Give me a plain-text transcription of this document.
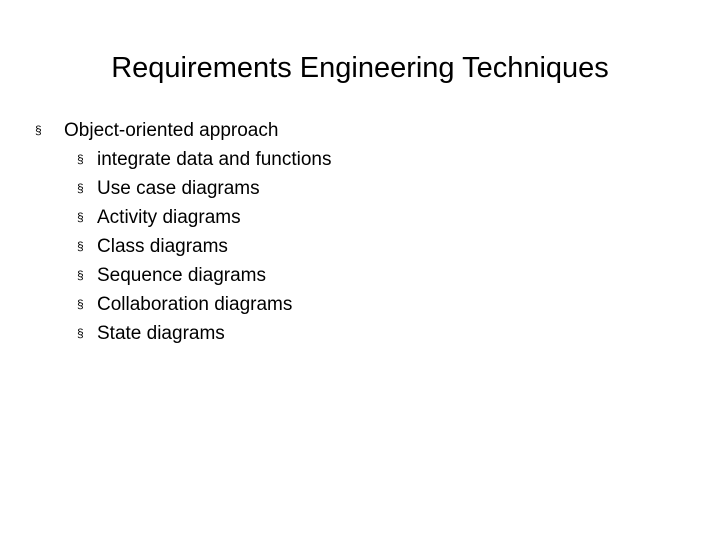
Requirements Engineering Techniques
§ Object-oriented approach
§ integrate data and functions
§ Use case diagrams
§ Activity diagrams
§ Class diagrams
§ Sequence diagrams
§ Collaboration diagrams
§ State diagrams
